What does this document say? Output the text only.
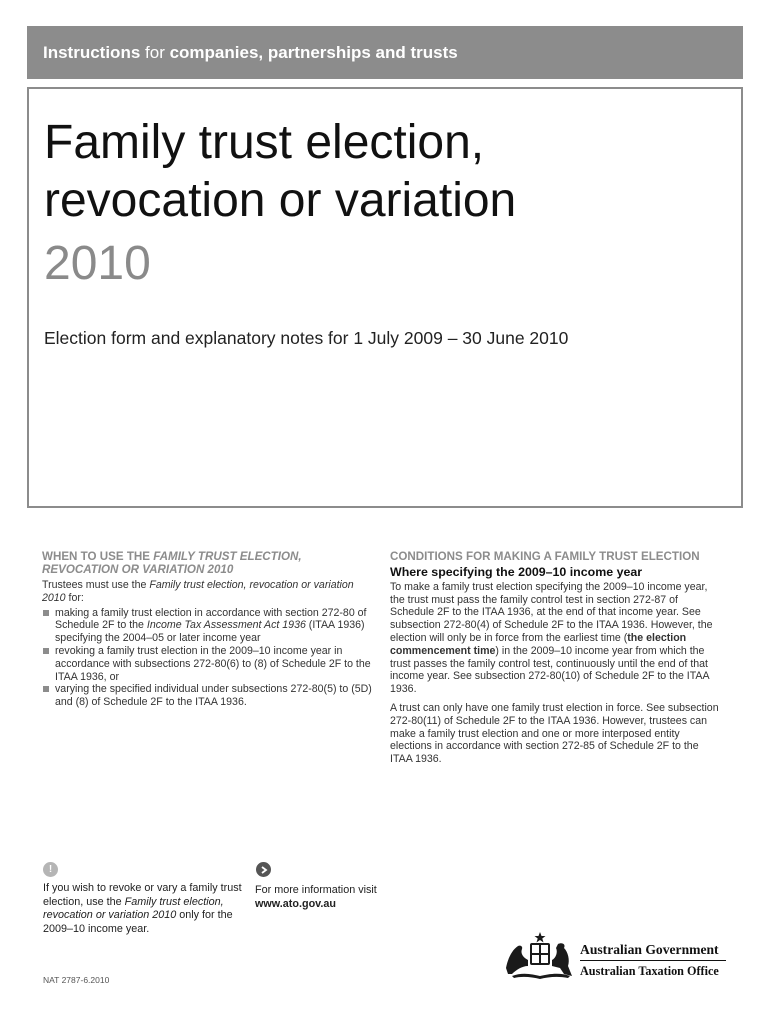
Instructions for companies, partnerships and trusts
Family trust election,
revocation or variation
2010
Election form and explanatory notes for 1 July 2009 – 30 June 2010
WHEN TO USE THE FAMILY TRUST ELECTION, REVOCATION OR VARIATION 2010
Trustees must use the Family trust election, revocation or variation 2010 for:
making a family trust election in accordance with section 272-80 of Schedule 2F to the Income Tax Assessment Act 1936 (ITAA 1936) specifying the 2004–05 or later income year
revoking a family trust election in the 2009–10 income year in accordance with subsections 272-80(6) to (8) of Schedule 2F to the ITAA 1936, or
varying the specified individual under subsections 272-80(5) to (5D) and (8) of Schedule 2F to the ITAA 1936.
CONDITIONS FOR MAKING A FAMILY TRUST ELECTION
Where specifying the 2009–10 income year

To make a family trust election specifying the 2009–10 income year, the trust must pass the family control test in section 272-87 of Schedule 2F to the ITAA 1936, at the end of that income year. See subsection 272-80(4) of Schedule 2F to the ITAA 1936. However, the election will only be in force from the earliest time (the election commencement time) in the 2009–10 income year from which the trust passes the family control test, continuously until the end of that income year. See subsection 272-80(10) of Schedule 2F to the ITAA 1936.

A trust can only have one family trust election in force. See subsection 272-80(11) of Schedule 2F to the ITAA 1936. However, trustees can make a family trust election and one or more interposed entity elections in accordance with section 272-85 of Schedule 2F to the ITAA 1936.

!
If you wish to revoke or vary a family trust election, use the Family trust election, revocation or variation 2010 only for the 2009–10 income year.
For more information visit
www.ato.gov.au
NAT 2787-6.2010
Australian Government
Australian Taxation Office
